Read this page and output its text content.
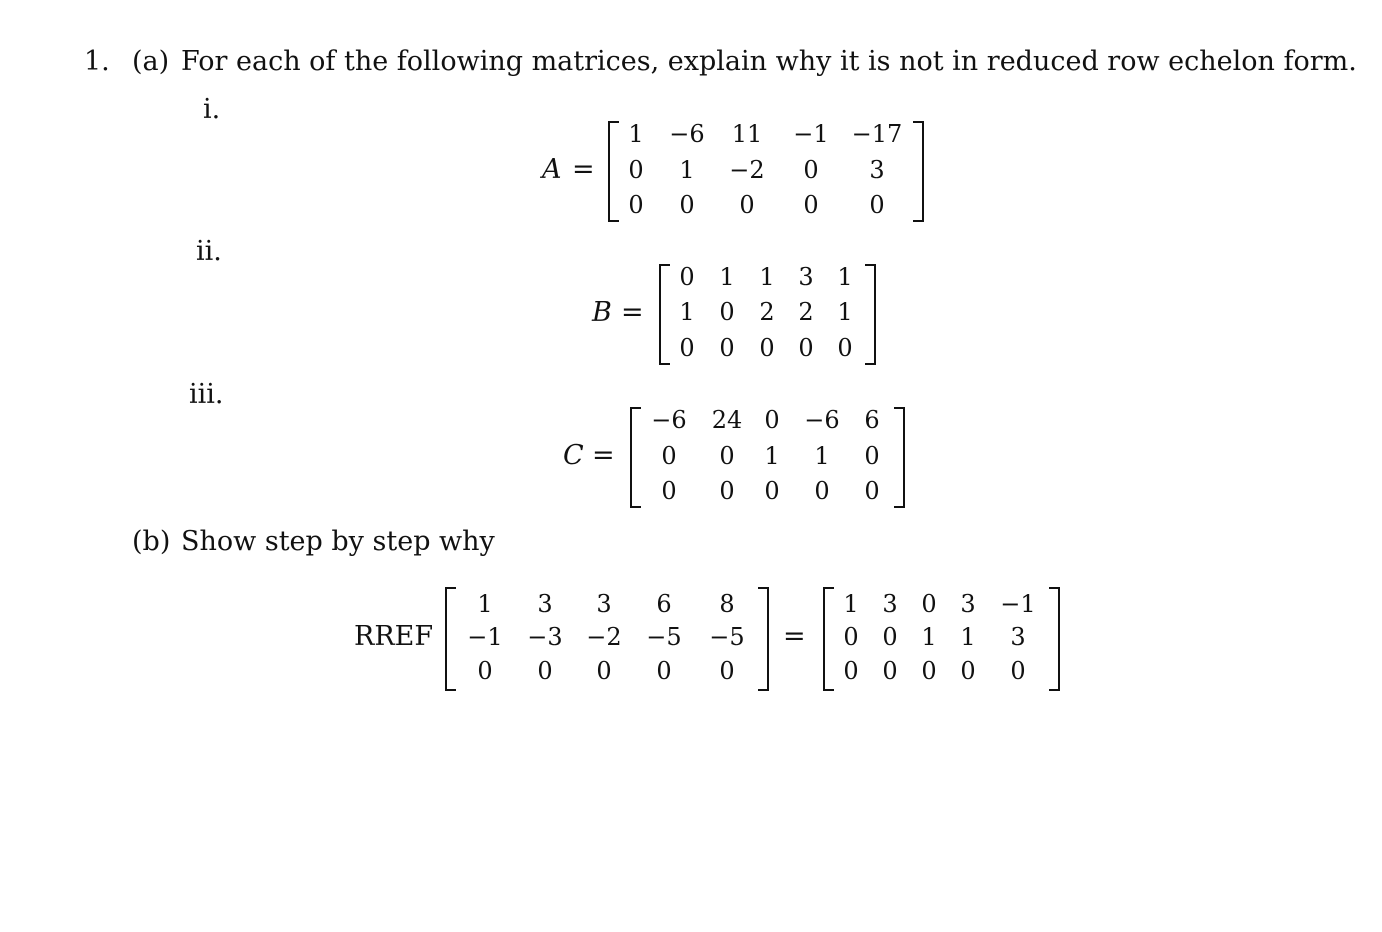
1. (a) For each of the following matrices, explain why it is not in reduced row echelon form.
i.
A =
1 −6 11 −1 −17
0 1 −2 0 3
0 0 0 0 0
ii.
B =
0 1 1 3 1
1 0 2 2 1
0 0 0 0 0
iii.
C =
−6 24 0 −6 6
0 0 1 1 0
0 0 0 0 0
(b) Show step by step why
RREF
1 3 3 6 8
−1 −3 −2 −5 −5
0 0 0 0 0
=
1 3 0 3 −1
0 0 1 1 3
0 0 0 0 0
